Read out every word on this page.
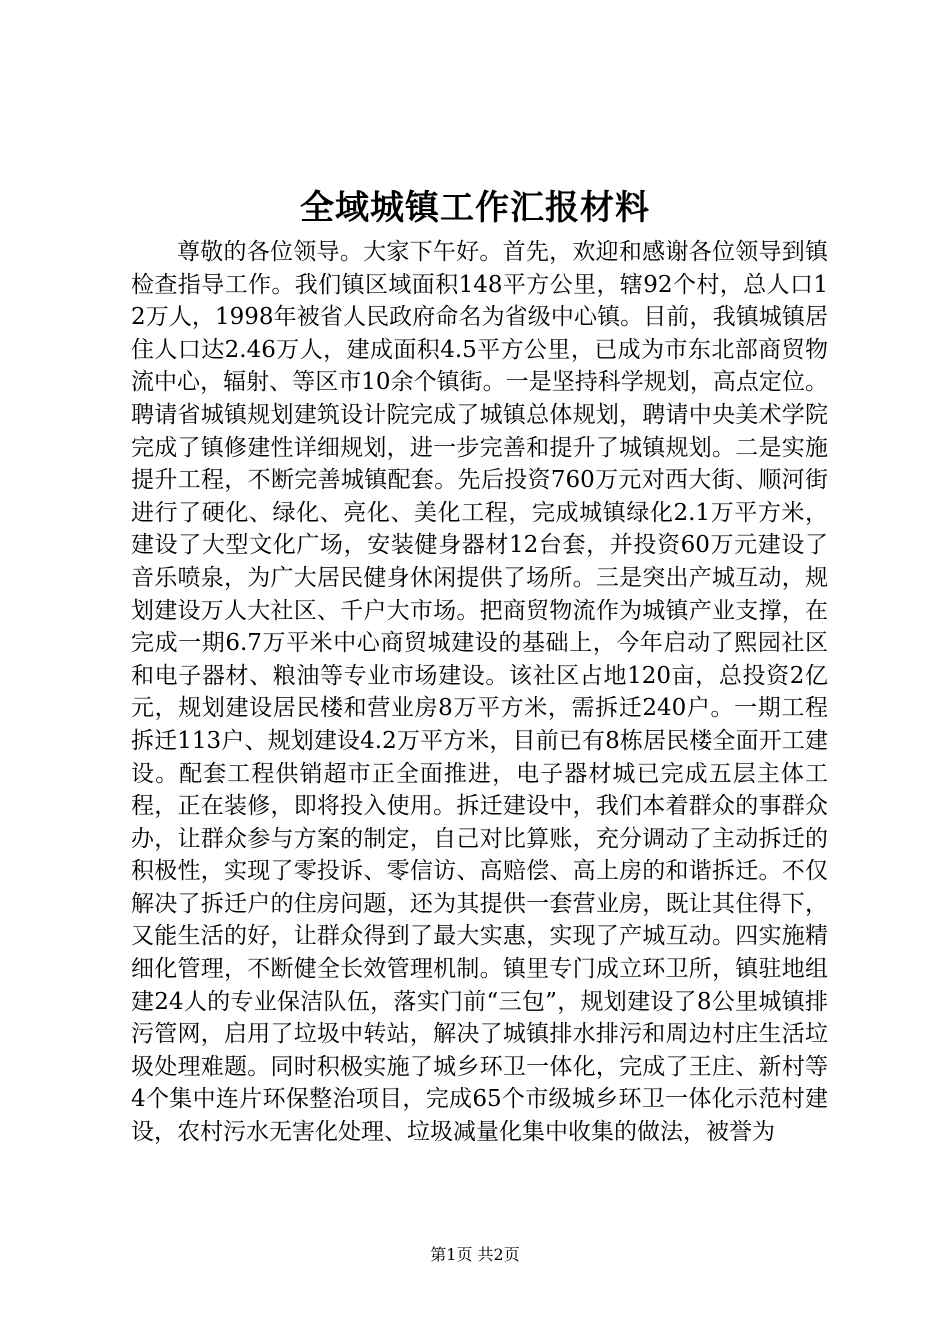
全域城镇工作汇报材料

尊敬的各位领导。大家下午好。首先，欢迎和感谢各位领导到镇检查指导工作。我们镇区域面积148平方公里，辖92个村，总人口12万人，1998年被省人民政府命名为省级中心镇。目前，我镇城镇居住人口达2.46万人，建成面积4.5平方公里，已成为市东北部商贸物流中心，辐射、等区市10余个镇街。一是坚持科学规划，高点定位。聘请省城镇规划建筑设计院完成了城镇总体规划，聘请中央美术学院完成了镇修建性详细规划，进一步完善和提升了城镇规划。二是实施提升工程，不断完善城镇配套。先后投资760万元对西大街、顺河街进行了硬化、绿化、亮化、美化工程，完成城镇绿化2.1万平方米，建设了大型文化广场，安装健身器材12台套，并投资60万元建设了音乐喷泉，为广大居民健身休闲提供了场所。三是突出产城互动，规划建设万人大社区、千户大市场。把商贸物流作为城镇产业支撑，在完成一期6.7万平米中心商贸城建设的基础上，今年启动了熙园社区和电子器材、粮油等专业市场建设。该社区占地120亩，总投资2亿元，规划建设居民楼和营业房8万平方米，需拆迁240户。一期工程拆迁113户、规划建设4.2万平方米，目前已有8栋居民楼全面开工建设。配套工程供销超市正全面推进，电子器材城已完成五层主体工程，正在装修，即将投入使用。拆迁建设中，我们本着群众的事群众办，让群众参与方案的制定，自己对比算账，充分调动了主动拆迁的积极性，实现了零投诉、零信访、高赔偿、高上房的和谐拆迁。不仅解决了拆迁户的住房问题，还为其提供一套营业房，既让其住得下，又能生活的好，让群众得到了最大实惠，实现了产城互动。四实施精细化管理，不断健全长效管理机制。镇里专门成立环卫所，镇驻地组建24人的专业保洁队伍，落实门前“三包”，规划建设了8公里城镇排污管网，启用了垃圾中转站，解决了城镇排水排污和周边村庄生活垃圾处理难题。同时积极实施了城乡环卫一体化，完成了王庄、新村等4个集中连片环保整治项目，完成65个市级城乡环卫一体化示范村建设，农村污水无害化处理、垃圾减量化集中收集的做法，被誉为

第1页 共2页
